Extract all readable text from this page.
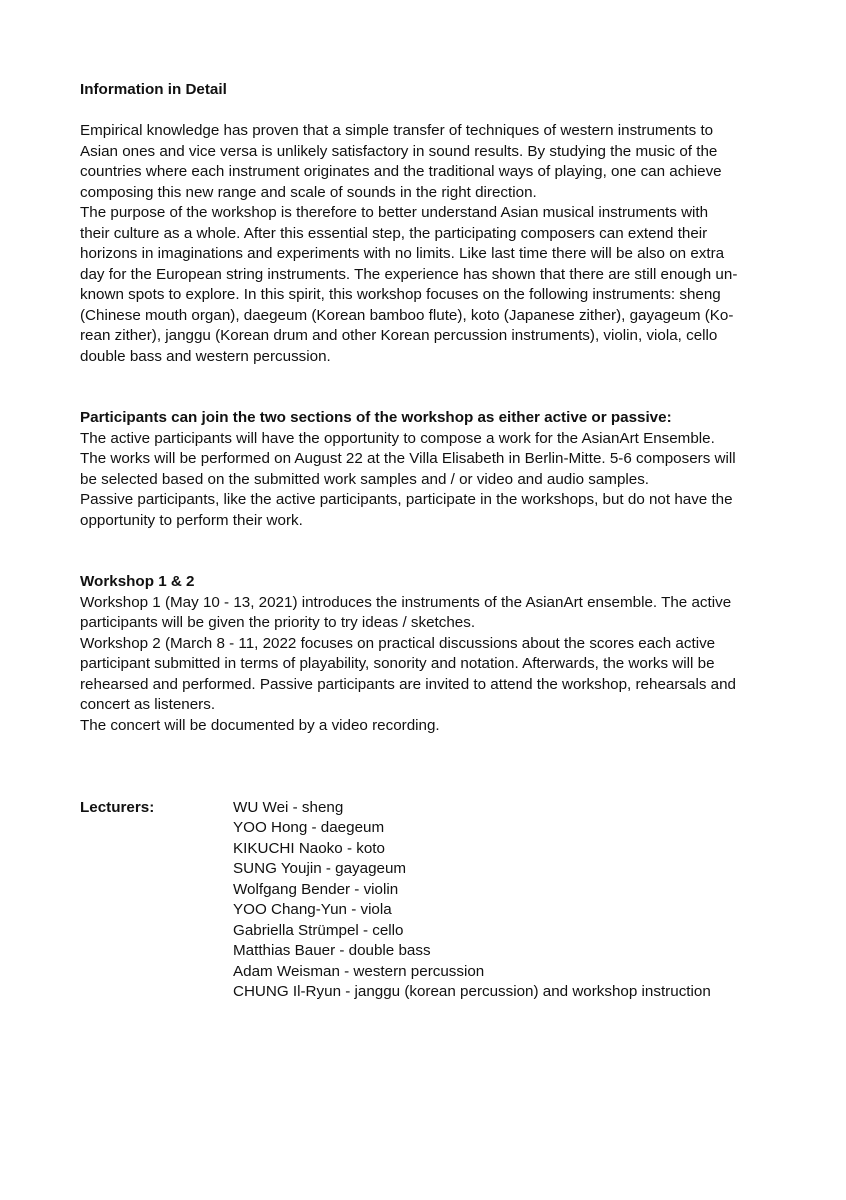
Information in Detail

Empirical knowledge has proven that a simple transfer of techniques of western instruments to

Asian ones and vice versa is unlikely satisfactory in sound results. By studying the music of the

countries where each instrument originates and the traditional ways of playing, one can achieve

composing this new range and scale of sounds in the right direction.

The purpose of the workshop is therefore to better understand Asian musical instruments with

their culture as a whole. After this essential step, the participating composers can extend their

horizons in imaginations and experiments with no limits. Like last time there will be also on extra

day for the European string instruments. The experience has shown that there are still enough un-

known spots to explore. In this spirit, this workshop focuses on the following instruments: sheng

(Chinese mouth organ), daegeum (Korean bamboo flute), koto (Japanese zither), gayageum (Ko-

rean zither), janggu (Korean drum and other Korean percussion instruments), violin, viola, cello

double bass and western percussion.

Participants can join the two sections of the workshop as either active or passive:

The active participants will have the opportunity to compose a work for the AsianArt Ensemble.

The works will be performed on August 22 at the Villa Elisabeth in Berlin-Mitte. 5-6 composers will

be selected based on the submitted work samples and / or video and audio samples.

Passive participants, like the active participants, participate in the workshops, but do not have the

opportunity to perform their work.

Workshop 1 & 2

Workshop 1 (May 10 - 13, 2021) introduces the instruments of the AsianArt ensemble. The active

participants will be given the priority to try ideas / sketches.

Workshop 2 (March 8 - 11, 2022 focuses on practical discussions about the scores each active

participant submitted in terms of playability, sonority and notation. Afterwards, the works will be

rehearsed and performed. Passive participants are invited to attend the workshop, rehearsals and

concert as listeners.

The concert will be documented by a video recording.

Lecturers:	WU Wei - sheng

YOO Hong - daegeum

KIKUCHI Naoko - koto

SUNG Youjin - gayageum

Wolfgang Bender - violin

YOO Chang-Yun - viola

Gabriella Strümpel - cello

Matthias Bauer - double bass

Adam Weisman - western percussion

CHUNG Il-Ryun - janggu (korean percussion) and workshop instruction
